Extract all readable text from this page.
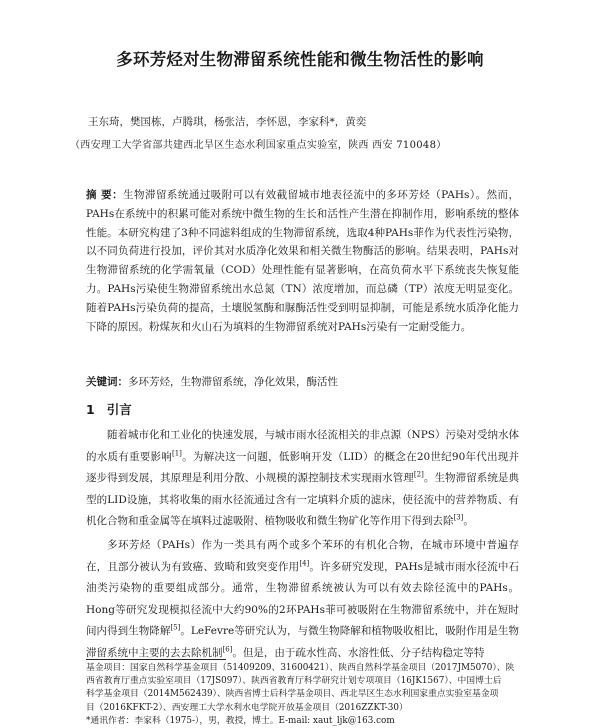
多环芳烃对生物滞留系统性能和微生物活性的影响
王东琦，樊国栋，卢腾琪，杨张洁，李怀恩，李家科*，黄奕
（西安理工大学省部共建西北旱区生态水利国家重点实验室，陕西 西安 710048）

摘 要：生物滞留系统通过吸附可以有效截留城市地表径流中的多环芳烃（PAHs）。然而，PAHs在系统中的积累可能对系统中微生物的生长和活性产生潜在抑制作用，影响系统的整体性能。本研究构建了3种不同滤料组成的生物滞留系统，选取4种PAHs菲作为代表性污染物，以不同负荷进行投加，评价其对水质净化效果和相关微生物酶活的影响。结果表明，PAHs对生物滞留系统的化学需氧量（COD）处理性能有显著影响，在高负荷水平下系统丧失恢复能力。PAHs污染使生物滞留系统出水总氮（TN）浓度增加，而总磷（TP）浓度无明显变化。随着PAHs污染负荷的提高，土壤脱氢酶和脲酶活性受到明显抑制，可能是系统水质净化能力下降的原因。粉煤灰和火山石为填料的生物滞留系统对PAHs污染有一定耐受能力。

关键词：多环芳烃，生物滞留系统，净化效果，酶活性
1 引言

随着城市化和工业化的快速发展，与城市雨水径流相关的非点源（NPS）污染对受纳水体的水质有重要影响[1]。为解决这一问题，低影响开发（LID）的概念在20世纪90年代出现并逐步得到发展，其原理是利用分散、小规模的源控制技术实现雨水管理[2]。生物滞留系统是典型的LID设施，其将收集的雨水径流通过含有一定填料介质的滤床，使径流中的营养物质、有机化合物和重金属等在填料过滤吸附、植物吸收和微生物矿化等作用下得到去除[3]。

多环芳烃（PAHs）作为一类具有两个或多个苯环的有机化合物，在城市环境中普遍存在，且部分被认为有致癌、致畸和致突变作用[4]。许多研究发现，PAHs是城市雨水径流中石油类污染物的重要组成部分。通常，生物滞留系统被认为可以有效去除径流中的PAHs。Hong等研究发现模拟径流中大约90%的2环PAHs菲可被吸附在生物滞留系统中，并在短时间内得到生物降解[5]。LeFevre等研究认为，与微生物降解和植物吸收相比，吸附作用是生物滞留系统中主要的去去除机制[6]。但是，由于疏水性高、水溶性低、分子结构稳定等特

基金项目：国家自然科学基金项目（51409209、31600421）、陕西自然科学基金项目（2017JM5070）、陕
西省教育厅重点实验室项目（17JS097）、陕西省教育厅科学研究计划专项项目（16JK1567）、中国博士后
科学基金项目（2014M562439）、陕西省博士后科学基金项目、西北旱区生态水利国家重点实验室基金项
目（2016KFKT-2）、西安理工大学水利水电学院开放基金项目（2016ZZKT-30）
*通讯作者：李家科（1975-），男，教授，博士。E-mail: xaut_ljk@163.com
